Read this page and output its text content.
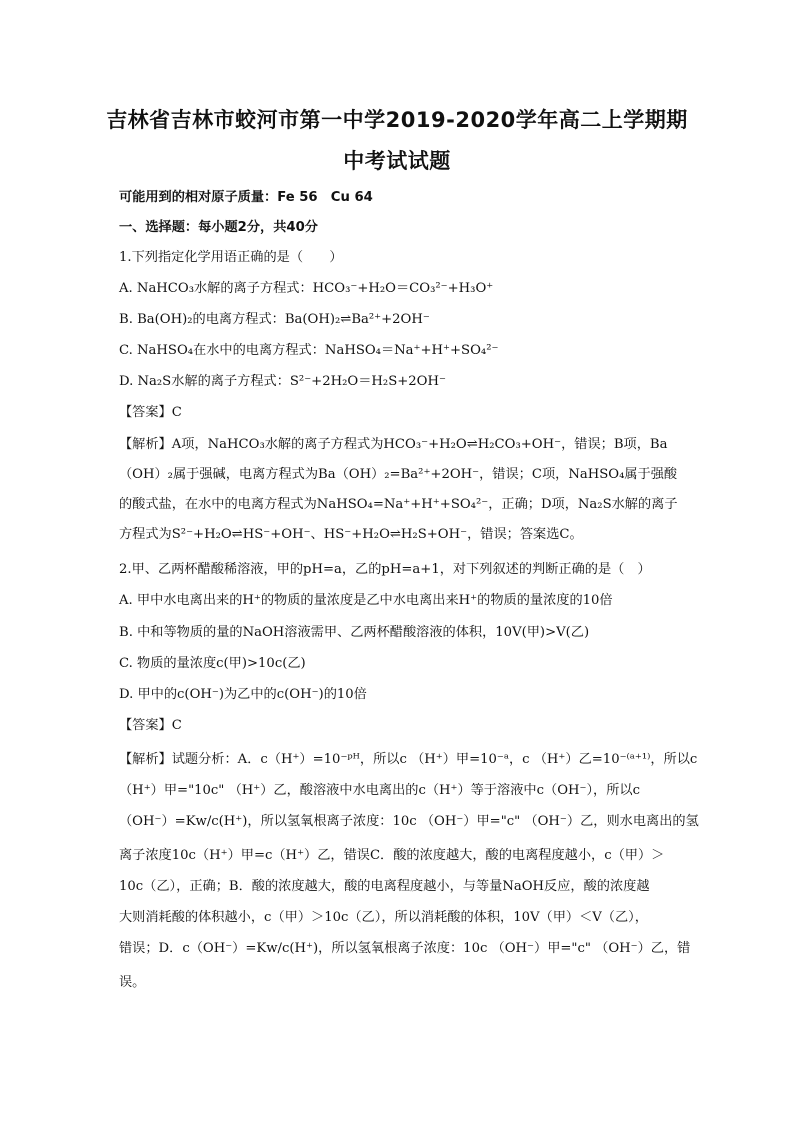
吉林省吉林市蛟河市第一中学2019-2020学年高二上学期期
中考试试题
可能用到的相对原子质量：Fe 56　Cu 64
一、选择题：每小题2分，共40分
1.下列指定化学用语正确的是（　　）
A. NaHCO₃水解的离子方程式：HCO₃⁻+H₂O＝CO₃²⁻+H₃O⁺
B. Ba(OH)₂的电离方程式：Ba(OH)₂⇌Ba²⁺+2OH⁻
C. NaHSO₄在水中的电离方程式：NaHSO₄＝Na⁺+H⁺+SO₄²⁻
D. Na₂S水解的离子方程式：S²⁻+2H₂O＝H₂S+2OH⁻
【答案】C
【解析】A项，NaHCO₃水解的离子方程式为HCO₃⁻+H₂O⇌H₂CO₃+OH⁻，错误；B项，Ba
（OH）₂属于强碱，电离方程式为Ba（OH）₂=Ba²⁺+2OH⁻，错误；C项，NaHSO₄属于强酸
的酸式盐，在水中的电离方程式为NaHSO₄=Na⁺+H⁺+SO₄²⁻，正确；D项，Na₂S水解的离子
方程式为S²⁻+H₂O⇌HS⁻+OH⁻、HS⁻+H₂O⇌H₂S+OH⁻，错误；答案选C。
2.甲、乙两杯醋酸稀溶液，甲的pH=a，乙的pH=a+1，对下列叙述的判断正确的是（　）
A. 甲中水电离出来的H⁺的物质的量浓度是乙中水电离出来H⁺的物质的量浓度的10倍
B. 中和等物质的量的NaOH溶液需甲、乙两杯醋酸溶液的体积，10V(甲)>V(乙)
C. 物质的量浓度c(甲)>10c(乙)
D. 甲中的c(OH⁻)为乙中的c(OH⁻)的10倍
【答案】C
【解析】试题分析：A．c（H⁺）=10⁻ᵖᴴ，所以c （H⁺）甲=10⁻ᵃ，c （H⁺）乙=10⁻⁽ᵃ⁺¹⁾，所以c
（H⁺）甲="10c" （H⁺）乙，酸溶液中水电离出的c（H⁺）等于溶液中c（OH⁻），所以c
（OH⁻）=Kw/c(H⁺)，所以氢氧根离子浓度：10c （OH⁻）甲="c" （OH⁻）乙，则水电离出的氢
离子浓度10c（H⁺）甲=c（H⁺）乙，错误C．酸的浓度越大，酸的电离程度越小，c（甲）＞
10c（乙），正确；B．酸的浓度越大，酸的电离程度越小，与等量NaOH反应，酸的浓度越
大则消耗酸的体积越小，c（甲）＞10c（乙），所以消耗酸的体积，10V（甲）＜V（乙），
错误；D．c（OH⁻）=Kw/c(H⁺)，所以氢氧根离子浓度：10c （OH⁻）甲="c" （OH⁻）乙，错
误。
